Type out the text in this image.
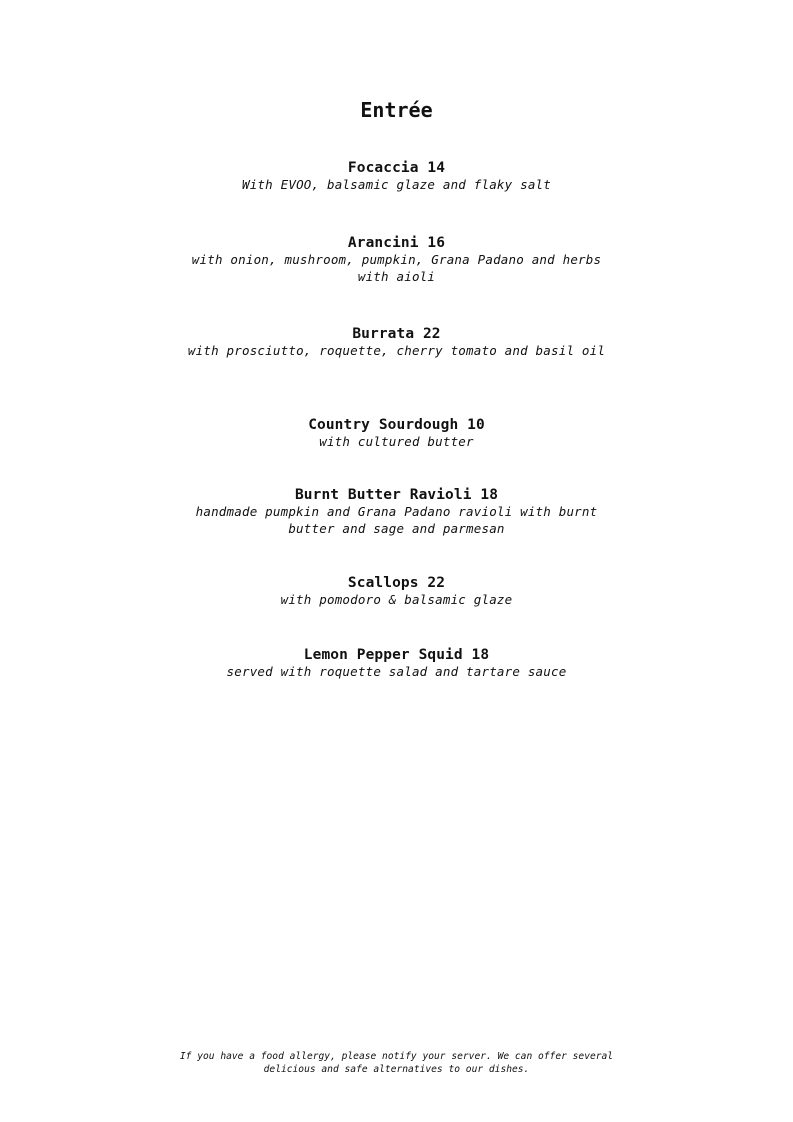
Entrée
Focaccia 14
With EVOO, balsamic glaze and flaky salt
Arancini 16
with onion, mushroom, pumpkin, Grana Padano and herbs with aioli
Burrata 22
with prosciutto, roquette, cherry tomato and basil oil
Country Sourdough 10
with cultured butter
Burnt Butter Ravioli 18
handmade pumpkin and Grana Padano ravioli with burnt butter and sage and parmesan
Scallops 22
with pomodoro & balsamic glaze
Lemon Pepper Squid 18
served with roquette salad and tartare sauce
If you have a food allergy, please notify your server. We can offer several delicious and safe alternatives to our dishes.
